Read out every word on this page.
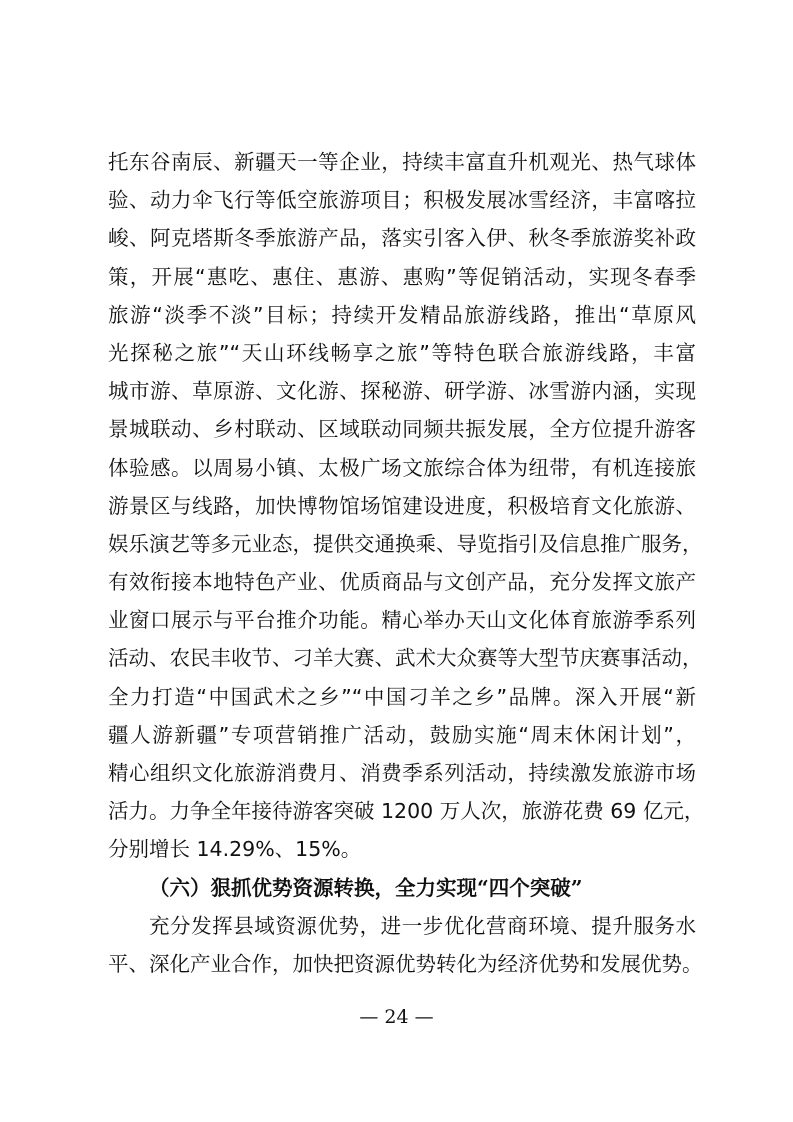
托东谷南辰、新疆天一等企业，持续丰富直升机观光、热气球体
验、动力伞飞行等低空旅游项目；积极发展冰雪经济，丰富喀拉
峻、阿克塔斯冬季旅游产品，落实引客入伊、秋冬季旅游奖补政
策，开展“惠吃、惠住、惠游、惠购”等促销活动，实现冬春季
旅游“淡季不淡”目标；持续开发精品旅游线路，推出“草原风
光探秘之旅”“天山环线畅享之旅”等特色联合旅游线路，丰富
城市游、草原游、文化游、探秘游、研学游、冰雪游内涵，实现
景城联动、乡村联动、区域联动同频共振发展，全方位提升游客
体验感。以周易小镇、太极广场文旅综合体为纽带，有机连接旅
游景区与线路，加快博物馆场馆建设进度，积极培育文化旅游、
娱乐演艺等多元业态，提供交通换乘、导览指引及信息推广服务，
有效衔接本地特色产业、优质商品与文创产品，充分发挥文旅产
业窗口展示与平台推介功能。精心举办天山文化体育旅游季系列
活动、农民丰收节、刁羊大赛、武术大众赛等大型节庆赛事活动，
全力打造“中国武术之乡”“中国刁羊之乡”品牌。深入开展“新
疆人游新疆”专项营销推广活动，鼓励实施“周末休闲计划”，
精心组织文化旅游消费月、消费季系列活动，持续激发旅游市场
活力。力争全年接待游客突破 1200 万人次，旅游花费 69 亿元，
分别增长 14.29%、15%。
（六）狠抓优势资源转换，全力实现“四个突破”
充分发挥县域资源优势，进一步优化营商环境、提升服务水
平、深化产业合作，加快把资源优势转化为经济优势和发展优势。
— 24 —
